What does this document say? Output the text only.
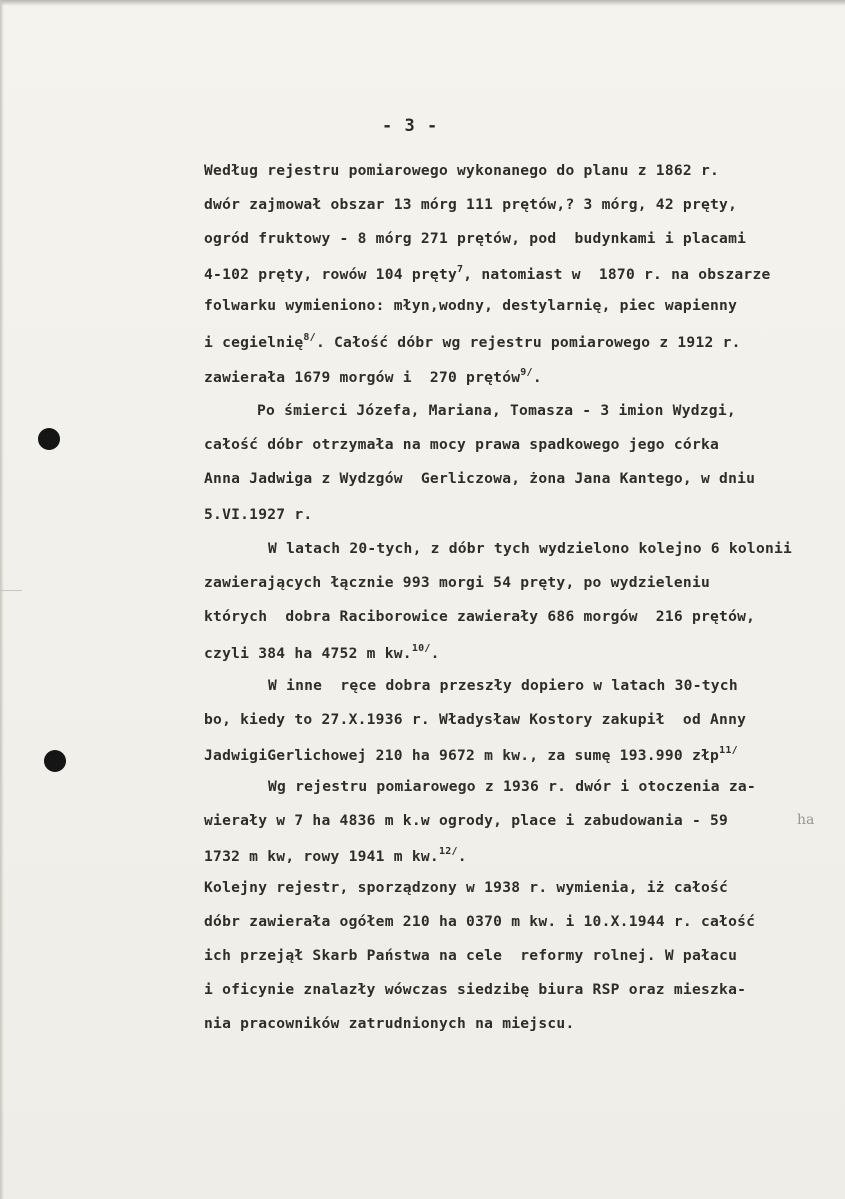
- 3 -
Według rejestru pomiarowego wykonanego do planu z 1862 r.
dwór zajmował obszar 13 mórg 111 prętów,? 3 mórg, 42 pręty,
ogród fruktowy - 8 mórg 271 prętów, pod  budynkami i placami
4-102 pręty, rowów 104 pręty$^7$, natomiast w  1870 r. na obszarze
folwarku wymieniono: młyn,wodny, destylarnię, piec wapienny
i cegielnię$^{8/}$. Całość dóbr wg rejestru pomiarowego z 1912 r.
zawierała 1679 morgów i  270 prętów$^{9/}$.
Po śmierci Józefa, Mariana, Tomasza - 3 imion Wydzgi,
całość dóbr otrzymała na mocy prawa spadkowego jego córka
Anna Jadwiga z Wydzgów  Gerliczowa, żona Jana Kantego, w dniu
5.VI.1927 r.
W latach 20-tych, z dóbr tych wydzielono kolejno 6 kolonii
zawierających łącznie 993 morgi 54 pręty, po wydzieleniu
których  dobra Raciborowice zawierały 686 morgów  216 prętów,
czyli 384 ha 4752 m kw.$^{10/}$.
W inne  ręce dobra przeszły dopiero w latach 30-tych
bo, kiedy to 27.X.1936 r. Władysław Kostory zakupił  od Anny
JadwigiGerlichowej 210 ha 9672 m kw., za sumę 193.990 złp$^{11/}$
Wg rejestru pomiarowego z 1936 r. dwór i otoczenia za-
wierały w 7 ha 4836 m k.w ogrody, place i zabudowania - 59
1732 m kw, rowy 1941 m kw.$^{12/}$.
Kolejny rejestr, sporządzony w 1938 r. wymienia, iż całość
dóbr zawierała ogółem 210 ha 0370 m kw. i 10.X.1944 r. całość
ich przejął Skarb Państwa na cele  reformy rolnej. W pałacu
i oficynie znalazły wówczas siedzibę biura RSP oraz mieszka-
nia pracowników zatrudnionych na miejscu.
ha
